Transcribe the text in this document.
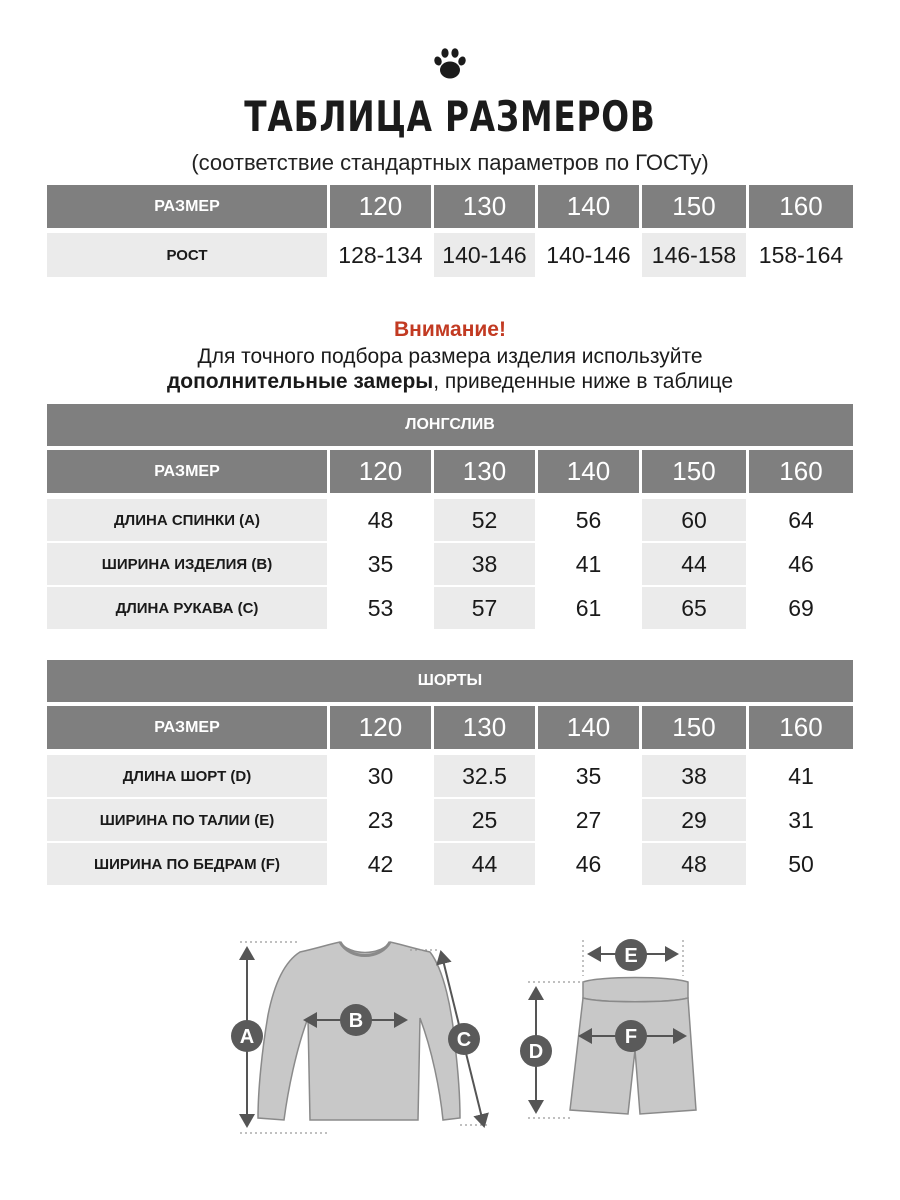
ТАБЛИЦА РАЗМЕРОВ
(соответствие стандартных параметров по ГОСТу)
РАЗМЕР	120	130	140	150	160
РОСТ	128-134 140-146 140-146 146-158 158-164
Внимание!
Для точного подбора размера изделия используйте
дополнительные замеры, приведенные ниже в таблице
ЛОНГСЛИВ
РАЗМЕР	120	130	140	150	160
ДЛИНА СПИНКИ (А)	48	52	56	60	64
ШИРИНА ИЗДЕЛИЯ (В)	35	38	41	44	46
ДЛИНА РУКАВА (С)	53	57	61	65	69
ШОРТЫ
РАЗМЕР	120	130	140	150	160
ДЛИНА ШОРТ (D)	30	32.5	35	38	41
ШИРИНА ПО ТАЛИИ (Е)	23	25	27	29	31
ШИРИНА ПО БЕДРАМ (F)	42	44	46	48	50
A
B
C
D
E
F
